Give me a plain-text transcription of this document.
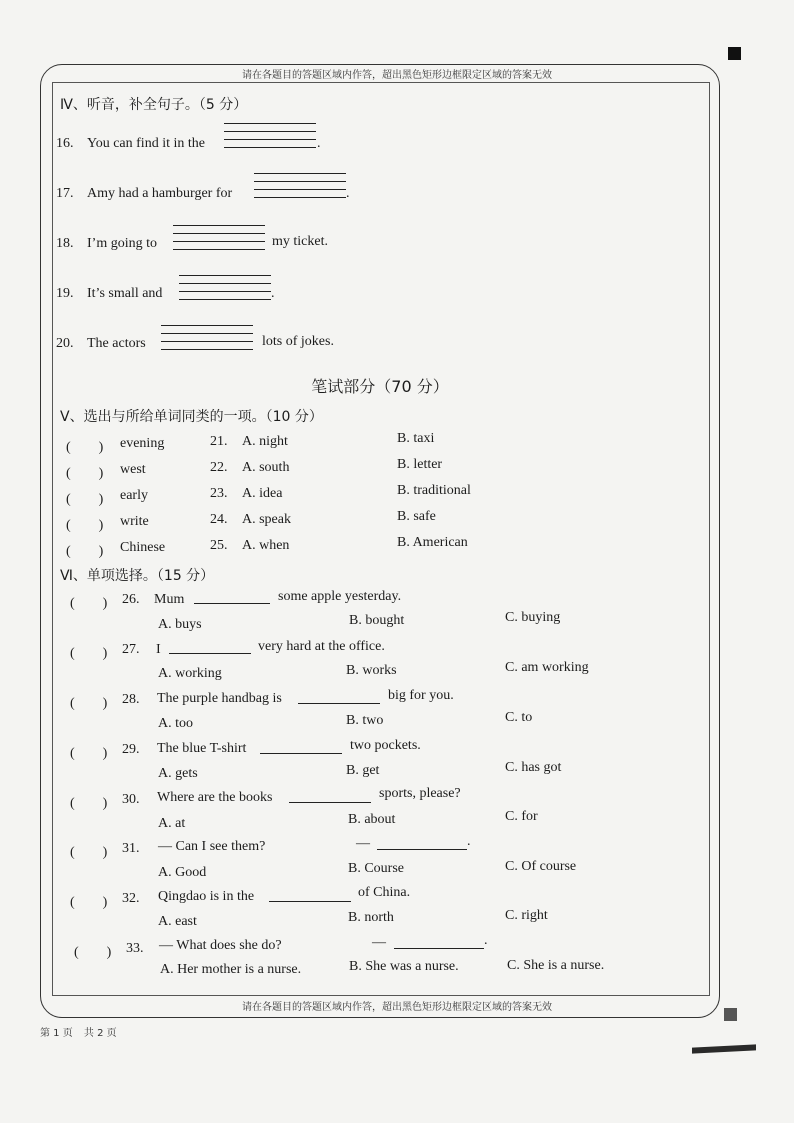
请在各题目的答题区域内作答，超出黑色矩形边框限定区域的答案无效
请在各题目的答题区域内作答，超出黑色矩形边框限定区域的答案无效
第 1 页 共 2 页
Ⅳ、听音，补全句子。（5 分）
16. You can find it in the	.
17. Amy had a hamburger for	.
18. I’m going to	my ticket.
19. It’s small and	.
20. The actors	lots of jokes.
笔试部分（70 分）
Ⅴ、选出与所给单词同类的一项。（10 分）
(　　) evening	21. A. night	B. taxi
(　　) west	22. A. south	B. letter
(　　) early	23. A. idea	B. traditional
(　　) write	24. A. speak	B. safe
(　　) Chinese	25. A. when	B. American
Ⅵ、单项选择。（15 分）
(　　) 26. Mum	some apple yesterday.
A. buys	B. bought	C. buying
(　　) 27. I	very hard at the office.
A. working	B. works	C. am working
(　　) 28. The purple handbag is	big for you.
A. too	B. two	C. to
(　　) 29. The blue T-shirt	two pockets.
A. gets	B. get	C. has got
(　　) 30. Where are the books	sports, please?
A. at	B. about	C. for
(　　) 31. — Can I see them?	—	.
A. Good	B. Course	C. Of course
(　　) 32. Qingdao is in the	of China.
A. east	B. north	C. right
(　　) 33. — What does she do?	—	.
A. Her mother is a nurse.	B. She was a nurse.	C. She is a nurse.
